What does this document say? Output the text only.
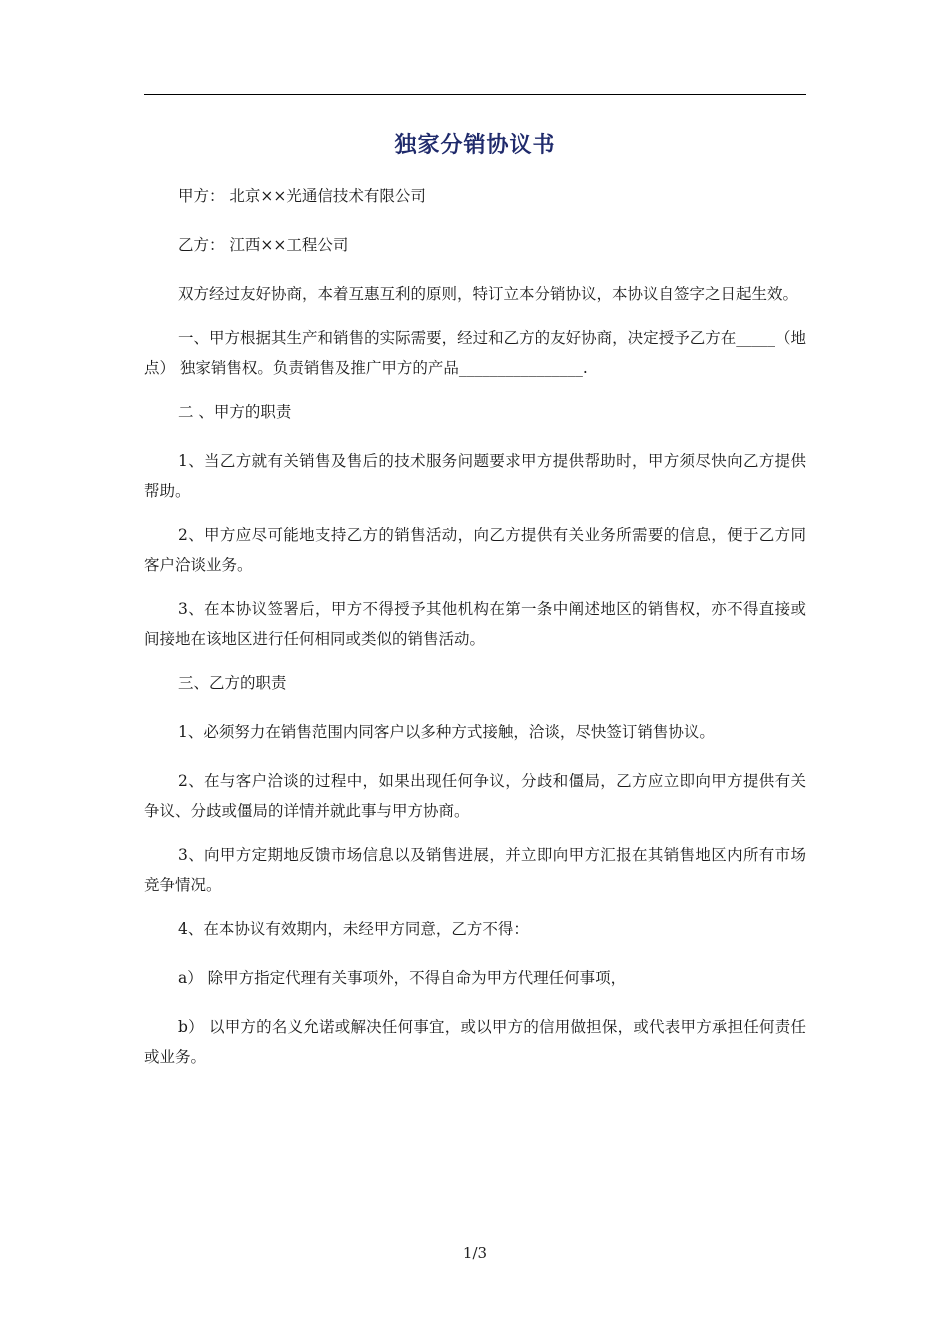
独家分销协议书

甲方： 北京××光通信技术有限公司

乙方： 江西××工程公司

双方经过友好协商，本着互惠互利的原则，特订立本分销协议，本协议自签字之日起生效。

一、甲方根据其生产和销售的实际需要，经过和乙方的友好协商，决定授予乙方在_____（地点） 独家销售权。负责销售及推广甲方的产品________________.

二 、甲方的职责

1、当乙方就有关销售及售后的技术服务问题要求甲方提供帮助时，甲方须尽快向乙方提供帮助。

2、甲方应尽可能地支持乙方的销售活动，向乙方提供有关业务所需要的信息，便于乙方同客户洽谈业务。

3、在本协议签署后，甲方不得授予其他机构在第一条中阐述地区的销售权，亦不得直接或间接地在该地区进行任何相同或类似的销售活动。

三、乙方的职责

1、必须努力在销售范围内同客户以多种方式接触，洽谈，尽快签订销售协议。

2、在与客户洽谈的过程中，如果出现任何争议，分歧和僵局，乙方应立即向甲方提供有关争议、分歧或僵局的详情并就此事与甲方协商。

3、向甲方定期地反馈市场信息以及销售进展，并立即向甲方汇报在其销售地区内所有市场竞争情况。

4、在本协议有效期内，未经甲方同意，乙方不得：

a） 除甲方指定代理有关事项外，不得自命为甲方代理任何事项，

b） 以甲方的名义允诺或解决任何事宜，或以甲方的信用做担保，或代表甲方承担任何责任或业务。

1/3
